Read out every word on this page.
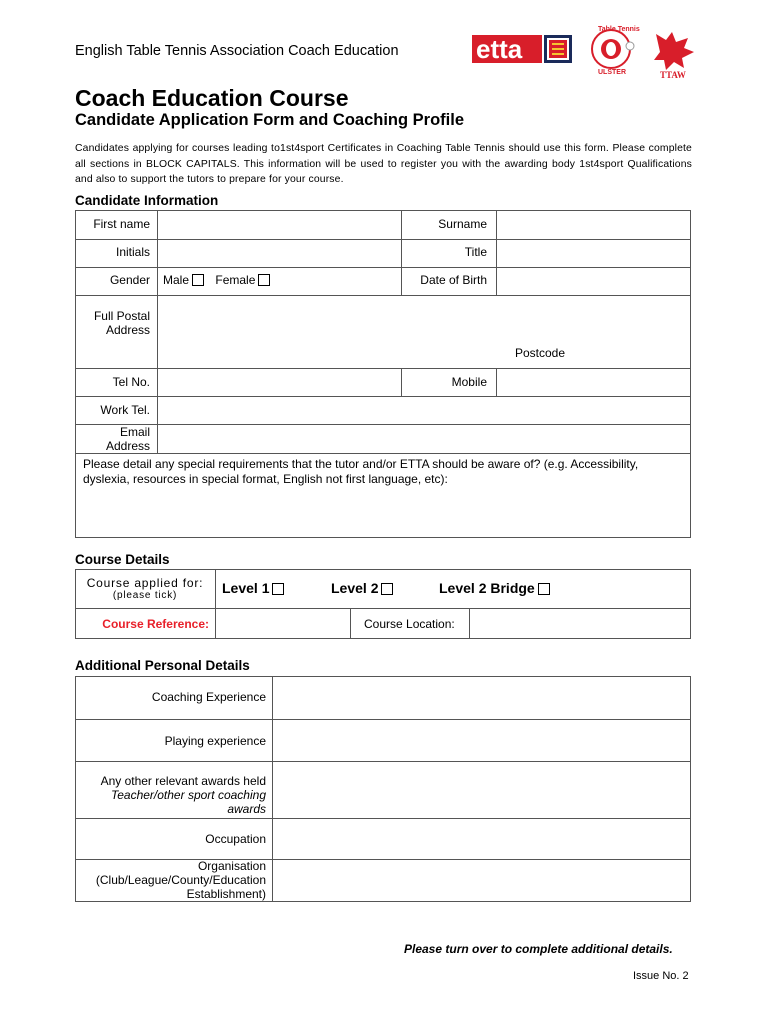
English Table Tennis Association Coach Education	etta
Table Tennis
ULSTER	TTAW
Coach Education Course
Candidate Application Form and Coaching Profile
Candidates applying for courses leading to1st4sport Certificates in Coaching Table Tennis should use this form. Please complete all sections in BLOCK CAPITALS. This information will be used to register you with the awarding body 1st4sport Qualifications and also to support the tutors to prepare for your course.
Candidate Information
First name	Surname
Initials	Title
Gender Male Female	Date of Birth
Full Postal
Address
Postcode
Tel No.	Mobile
Work Tel.
Email
Address
Please detail any special requirements that the tutor and/or ETTA should be aware of? (e.g. Accessibility, dyslexia, resources in special format, English not first language, etc):
Course Details
Course applied for:
(please tick)	Level 1	Level 2	Level 2 Bridge
Course Reference:	Course Location:
Additional Personal Details
Coaching Experience
Playing experience
Any other relevant awards held
Teacher/other sport coaching
awards
Occupation
Organisation
(Club/League/County/Education
Establishment)
Please turn over to complete additional details.
Issue No. 2
